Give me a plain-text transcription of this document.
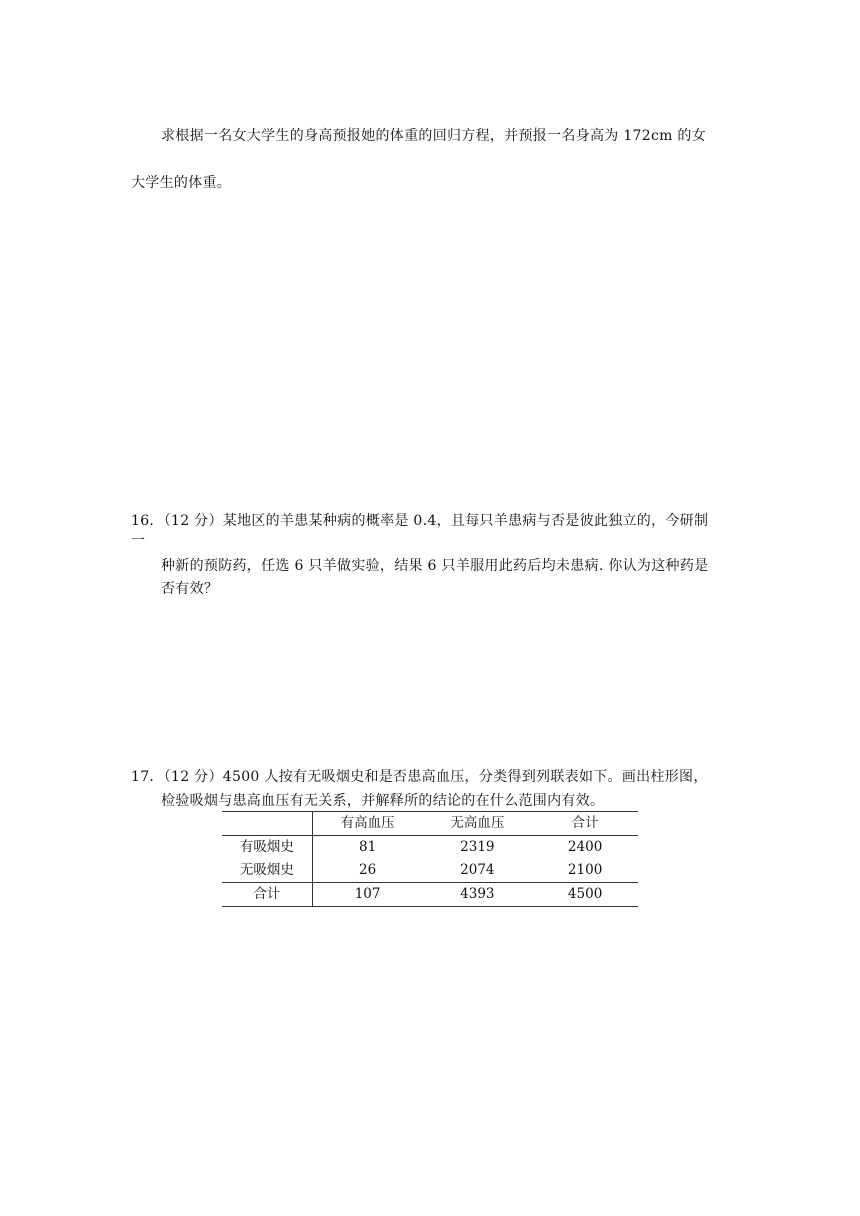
求根据一名女大学生的身高预报她的体重的回归方程，并预报一名身高为 172cm 的女
大学生的体重。
16．（12 分）某地区的羊患某种病的概率是 0.4，且每只羊患病与否是彼此独立的，今研制
一
种新的预防药，任选 6 只羊做实验，结果 6 只羊服用此药后均未患病. 你认为这种药是
否有效？
17．（12 分）4500 人按有无吸烟史和是否患高血压，分类得到列联表如下。画出柱形图，
检验吸烟与患高血压有无关系，并解释所的结论的在什么范围内有效。
	有高血压	无高血压	合计
有吸烟史	81	2319	2400
无吸烟史	26	2074	2100
合计	107	4393	4500
